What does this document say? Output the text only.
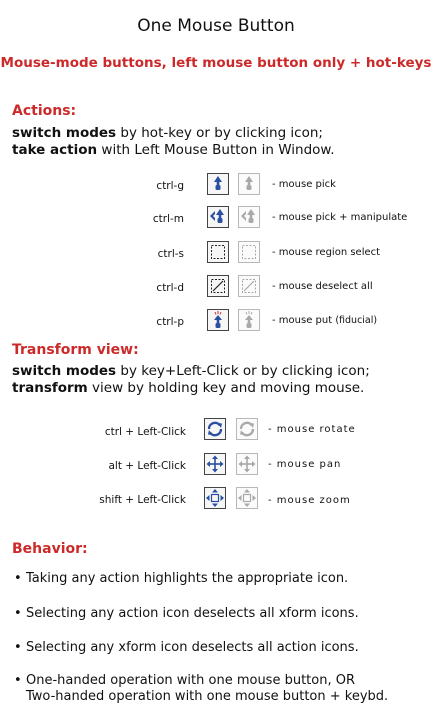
One Mouse Button
Mouse-mode buttons, left mouse button only + hot-keys
Actions:
switch modes by hot-key or by clicking icon;
take action with Left Mouse Button in Window.
ctrl-g	- mouse pick
ctrl-m	- mouse pick + manipulate
ctrl-s	- mouse region select
ctrl-d	- mouse deselect all
ctrl-p	- mouse put (fiducial)
Transform view:
switch modes by key+Left-Click or by clicking icon;
transform view by holding key and moving mouse.
ctrl + Left-Click	- mouse rotate
alt + Left-Click	- mouse pan
shift + Left-Click	- mouse zoom
Behavior:
• Taking any action highlights the appropriate icon.
• Selecting any action icon deselects all xform icons.
• Selecting any xform icon deselects all action icons.
• One-handed operation with one mouse button, OR
Two-handed operation with one mouse button + keybd.
